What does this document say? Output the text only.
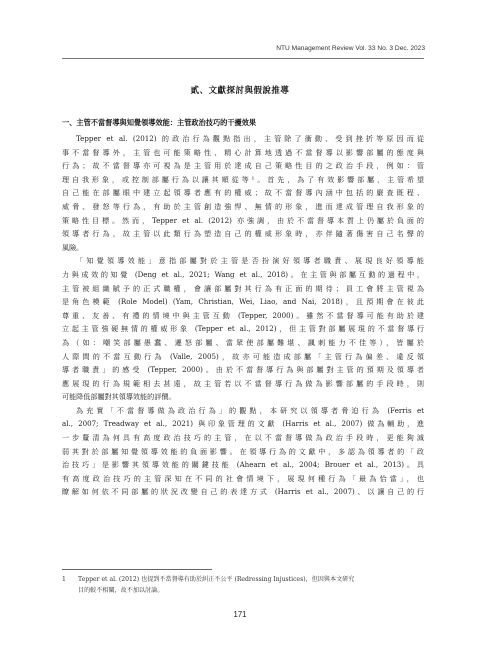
NTU Management Review Vol. 33 No. 3 Dec. 2023
貳、文獻探討與假說推導
一、主管不當督導與知覺領導效能：主管政治技巧的干擾效果
Tepper et al. (2012) 的政治行為觀點指出，主管除了衝動、受到挫折等原因而從
事不當督導外，主管也可能策略性、精心計算地透過不當督導以影響部屬的態度與
行為；故不當督導亦可視為是主管用於達成自己策略性目的之政治手段，例如：管
理自我形象，或控制部屬行為以讓其順從等¹。首先，為了有效影響部屬，主管希望
自己能在部屬眼中建立起領導者應有的權威；故不當督導內涵中包括的嚴查既程、
威脅、發怒等行為，有助於主管創造強悍、無情的形象，進而達成管理自我形象的
策略性目標。然而，Tepper et al. (2012) 亦強調，由於不當督導本質上仍屬於負面的
領導者行為，故主管以此類行為塑造自己的權威形象時，亦伴隨著傷害自己名聲的
風險。
「知覺領導效能」意指部屬對於主管是否扮演好領導者職責、展現良好領導能
力與成效的知覺 (Deng et al., 2021; Wang et al., 2018)。在主管與部屬互動的過程中，
主管被組織賦予的正式職權，會讓部屬對其行為有正面的期待；員工會將主管視為
是角色模範 (Role Model) (Yam, Christian, Wei, Liao, and Nai, 2018)，且預期會在彼此
尊重、友善、有禮的情境中與主管互動 (Tepper, 2000)。雖然不當督導可能有助於建
立起主管強硬無情的權威形象 (Tepper et al., 2012)，但主管對部屬展現的不當督導行
為（如：嘲笑部屬愚蠢、遷怒部屬、當眾使部屬難堪、諷刺能力不佳等），皆屬於
人際間的不當互動行為 (Valle, 2005)，故亦可能造成部屬「主管行為偏差、違反領
導者職責」的感受 (Tepper, 2000)。由於不當督導行為與部屬對主管的預期及領導者
應展現的行為規範相去甚遠，故主管若以不當督導行為做為影響部屬的手段時，則
可能降低部屬對其領導效能的評價。
為充實「不當督導做為政治行為」的觀點，本研究以領導者脅迫行為 (Ferris et
al., 2007; Treadway et al., 2021) 與印象管理的文獻 (Harris et al., 2007) 做為輔助，進
一步釐清為何具有高度政治技巧的主管，在以不當督導做為政治手段時，更能夠減
弱其對於部屬知覺領導效能的負面影響。在領導行為的文獻中，多認為領導者的「政
治技巧」是影響其領導效能的關鍵技能 (Ahearn et al., 2004; Brouer et al., 2013)。具
有高度政治技巧的主管深知在不同的社會情境下，展現何種行為「最為恰當」，也
瞭解如何依不同部屬的狀況改變自己的表達方式 (Harris et al., 2007)、以讓自己的行
1 Tepper et al. (2012) 也提到不當督導有助於糾正不公平 (Redressing Injustices)，但因與本文研究
目的較不相關，故不加以討論。
171
